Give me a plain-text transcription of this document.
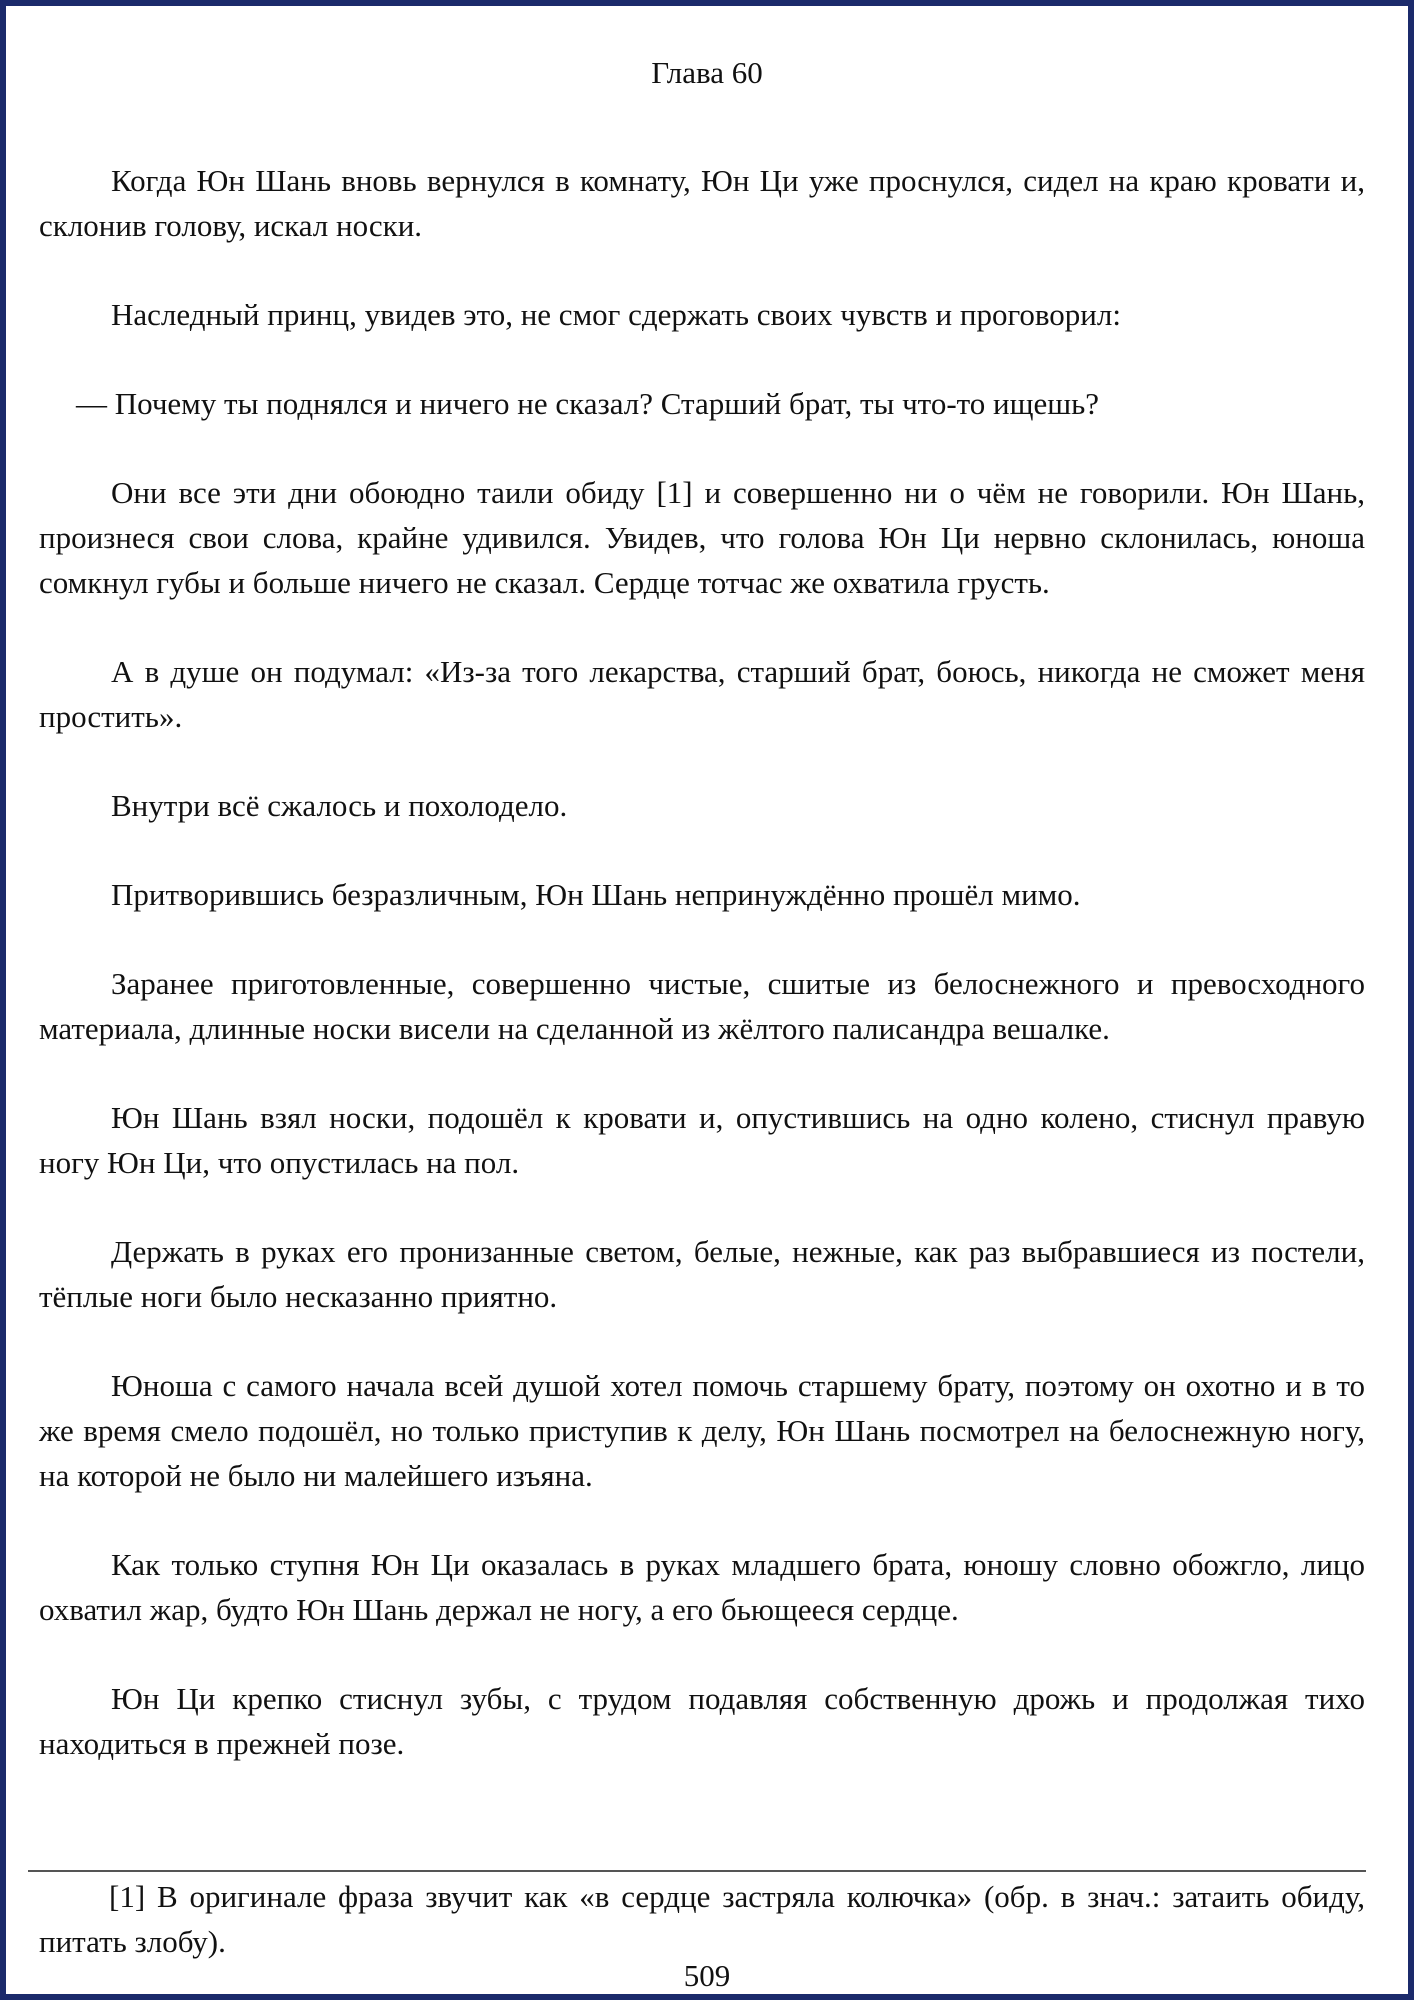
Глава 60

Когда Юн Шань вновь вернулся в комнату, Юн Ци уже проснулся, сидел на краю кровати и, склонив голову, искал носки.

Наследный принц, увидев это, не смог сдержать своих чувств и проговорил:

— Почему ты поднялся и ничего не сказал? Старший брат, ты что-то ищешь?

Они все эти дни обоюдно таили обиду [1] и совершенно ни о чём не говорили. Юн Шань, произнеся свои слова, крайне удивился. Увидев, что голова Юн Ци нервно склонилась, юноша сомкнул губы и больше ничего не сказал. Сердце тотчас же охватила грусть.

А в душе он подумал: «Из-за того лекарства, старший брат, боюсь, никогда не сможет меня простить».

Внутри всё сжалось и похолодело.

Притворившись безразличным, Юн Шань непринуждённо прошёл мимо.

Заранее приготовленные, совершенно чистые, сшитые из белоснежного и превосходного материала, длинные носки висели на сделанной из жёлтого палисандра вешалке.

Юн Шань взял носки, подошёл к кровати и, опустившись на одно колено, стиснул правую ногу Юн Ци, что опустилась на пол.

Держать в руках его пронизанные светом, белые, нежные, как раз выбравшиеся из постели, тёплые ноги было несказанно приятно.

Юноша с самого начала всей душой хотел помочь старшему брату, поэтому он охотно и в то же время смело подошёл, но только приступив к делу, Юн Шань посмотрел на белоснежную ногу, на которой не было ни малейшего изъяна.

Как только ступня Юн Ци оказалась в руках младшего брата, юношу словно обожгло, лицо охватил жар, будто Юн Шань держал не ногу, а его бьющееся сердце.

Юн Ци крепко стиснул зубы, с трудом подавляя собственную дрожь и продолжая тихо находиться в прежней позе.

[1] В оригинале фраза звучит как «в сердце застряла колючка» (обр. в знач.: затаить обиду, питать злобу).

509
